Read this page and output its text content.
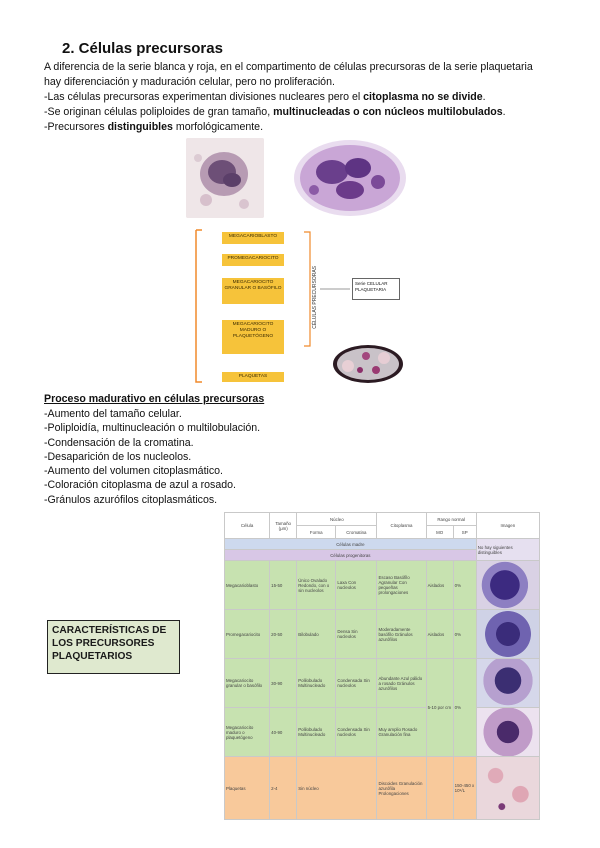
2. Células precursoras

A diferencia de la serie blanca y roja, en el compartimento de células precursoras de la serie plaquetaria

hay diferenciación y maduración celular, pero no proliferación.

-Las células precursoras experimentan divisiones nucleares pero el citoplasma no se divide.

-Se originan células poliploides de gran tamaño, multinucleadas o con núcleos multilobulados.

-Precursores distinguibles morfológicamente.

MEGACARIOBLASTO
PROMEGACARIOCITO
MEGACARIOCITO GRANULAR O BASÓFILO
MEGACARIOCITO MADURO O PLAQUETÓGENO
PLAQUETAS
CÉLULAS PRECURSORAS	Serie CELULAR PLAQUETARIA
Proceso madurativo en células precursoras
-Aumento del tamaño celular.
-Poliploidía, multinucleación o multilobulación.
-Condensación de la cromatina.
-Desaparición de los nucleolos.
-Aumento del volumen citoplasmático.
-Coloración citoplasma de azul a rosado.
-Gránulos azurófilos citoplasmáticos.
CARACTERÍSTICAS DE
LOS PRECURSORES
PLAQUETARIOS
Célula	Tamaño (μm)	Núcleo		Citoplasma	Rango normal		Imagen
		Forma	Cromatina		MO	SP	
Células madre							No hay siguientes distinguibles
Células progenitoras							
Megacarioblasto	15-50	Único Ovalado Redondo, con o sin nucleolos	Laxa Con nucleolos	Escaso Basófilo Agranular Con pequeñas prolongaciones	Aislados	0%	

Promegacariocito	20-50	Bilobulado	Densa Sin nucleolos	Moderadamente basófilo Gránulos azurófilos	Aislados	0%	

Megacariocito granular o basófilo	30-90	Polilobulado Multinucleado	Condensada Sin nucleolos	Abundante Azul pálido a rosado Gránulos azurófilos	5-10 por cm	0%	

Megacariocito maduro o plaquetógeno	40-90	Polilobulado Multinucleado	Condensada Sin nucleolos	Muy amplio Rosado Granulación fina			

Plaquetas	2-4	Sin núcleo		Discoides Granulación azurófila Prolongaciones		150-450 x 10⁹/L	
